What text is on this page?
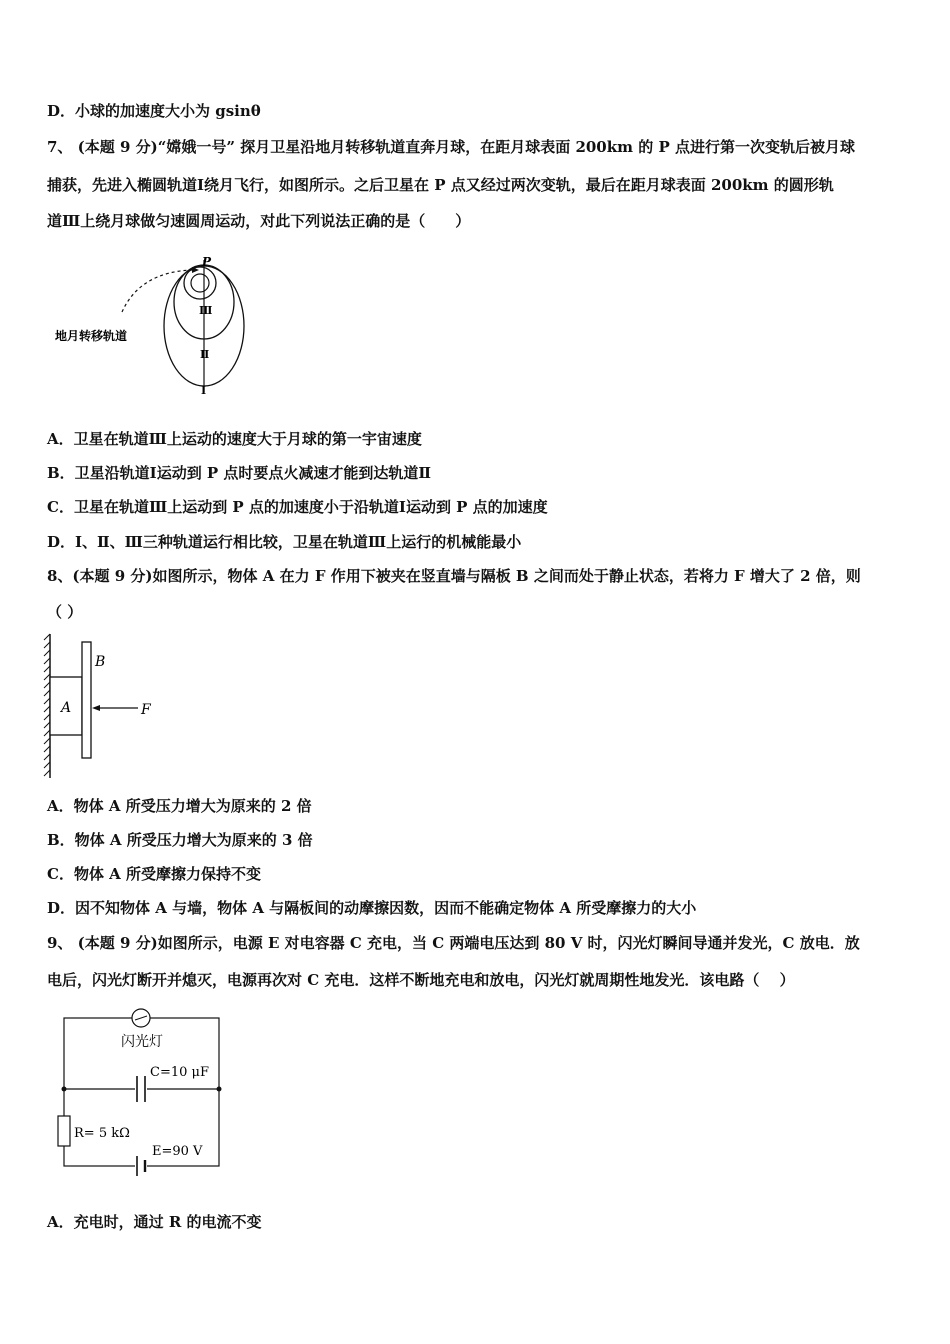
D．小球的加速度大小为 gsinθ
7、 (本题 9 分)“嫦娥一号” 探月卫星沿地月转移轨道直奔月球，在距月球表面 200km 的 P 点进行第一次变轨后被月球
捕获，先进入椭圆轨道Ⅰ绕月飞行，如图所示。之后卫星在 P 点又经过两次变轨，最后在距月球表面 200km 的圆形轨
道Ⅲ上绕月球做匀速圆周运动，对此下列说法正确的是（　　）
P
Ⅲ
Ⅱ
Ⅰ
地月转移轨道
A．卫星在轨道Ⅲ上运动的速度大于月球的第一宇宙速度
B．卫星沿轨道Ⅰ运动到 P 点时要点火减速才能到达轨道Ⅱ
C．卫星在轨道Ⅲ上运动到 P 点的加速度小于沿轨道Ⅰ运动到 P 点的加速度
D．Ⅰ、Ⅱ、Ⅲ三种轨道运行相比较，卫星在轨道Ⅲ上运行的机械能最小
8、(本题 9 分)如图所示，物体 A 在力 F 作用下被夹在竖直墙与隔板 B 之间而处于静止状态，若将力 F 增大了 2 倍，则
（ ）
A
B
F
A．物体 A 所受压力增大为原来的 2 倍
B．物体 A 所受压力增大为原来的 3 倍
C．物体 A 所受摩擦力保持不变
D．因不知物体 A 与墙，物体 A 与隔板间的动摩擦因数，因而不能确定物体 A 所受摩擦力的大小
9、 (本题 9 分)如图所示，电源 E 对电容器 C 充电，当 C 两端电压达到 80 V 时，闪光灯瞬间导通并发光，C 放电．放
电后，闪光灯断开并熄灭，电源再次对 C 充电．这样不断地充电和放电，闪光灯就周期性地发光．该电路（　 ）
闪光灯
C=10 μF
R= 5 kΩ
E=90 V
A．充电时，通过 R 的电流不变
